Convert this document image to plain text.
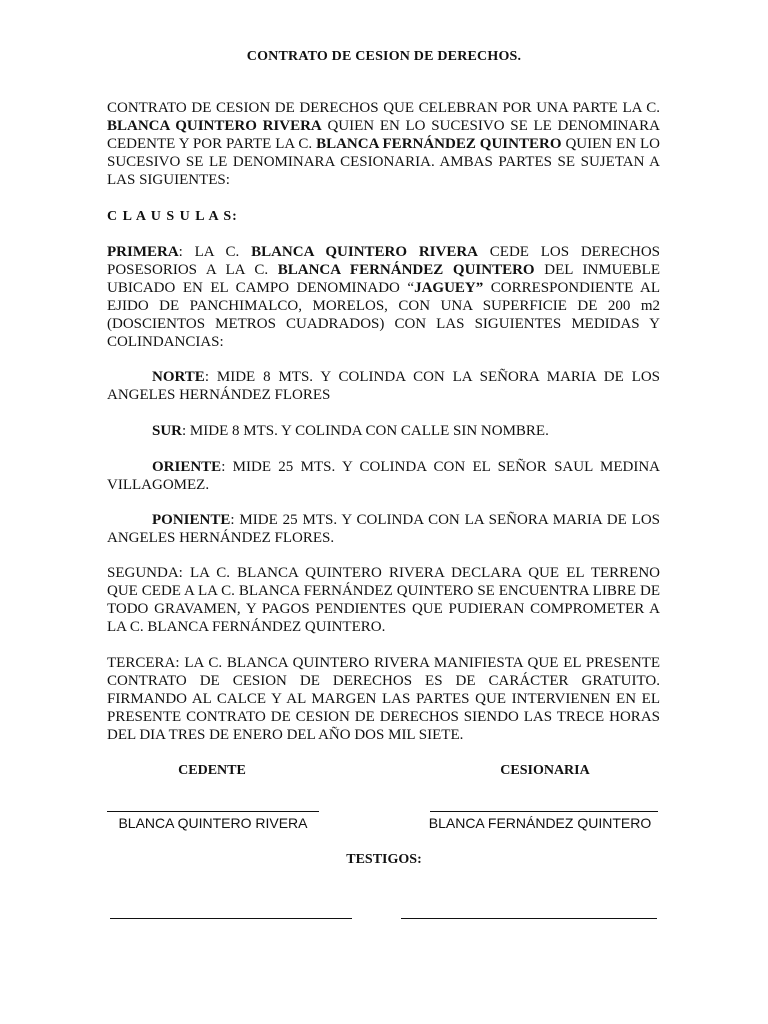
CONTRATO DE CESION DE DERECHOS.
CONTRATO DE CESION DE DERECHOS QUE CELEBRAN POR UNA PARTE LA C. BLANCA QUINTERO RIVERA QUIEN EN LO SUCESIVO SE LE DENOMINARA CEDENTE Y POR PARTE LA C. BLANCA FERNÁNDEZ QUINTERO QUIEN EN LO SUCESIVO SE LE DENOMINARA CESIONARIA. AMBAS PARTES SE SUJETAN A LAS SIGUIENTES:
C L A U S U L A S:
PRIMERA: LA C. BLANCA QUINTERO RIVERA CEDE LOS DERECHOS POSESORIOS A LA C. BLANCA FERNÁNDEZ QUINTERO DEL INMUEBLE UBICADO EN EL CAMPO DENOMINADO “JAGUEY” CORRESPONDIENTE AL EJIDO DE PANCHIMALCO, MORELOS, CON UNA SUPERFICIE DE 200 m2 (DOSCIENTOS METROS CUADRADOS) CON LAS SIGUIENTES MEDIDAS Y COLINDANCIAS:
NORTE: MIDE 8 MTS. Y COLINDA CON LA SEÑORA MARIA DE LOS ANGELES HERNÁNDEZ FLORES
SUR: MIDE 8 MTS. Y COLINDA CON CALLE SIN NOMBRE.
ORIENTE: MIDE 25 MTS. Y COLINDA CON EL SEÑOR SAUL MEDINA VILLAGOMEZ.
PONIENTE: MIDE 25 MTS. Y COLINDA CON LA SEÑORA MARIA DE LOS ANGELES HERNÁNDEZ FLORES.
SEGUNDA: LA C. BLANCA QUINTERO RIVERA DECLARA QUE EL TERRENO QUE CEDE A LA C. BLANCA FERNÁNDEZ QUINTERO SE ENCUENTRA LIBRE DE TODO GRAVAMEN, Y PAGOS PENDIENTES QUE PUDIERAN COMPROMETER A LA C. BLANCA FERNÁNDEZ QUINTERO.
TERCERA: LA C. BLANCA QUINTERO RIVERA MANIFIESTA QUE EL PRESENTE CONTRATO DE CESION DE DERECHOS ES DE CARÁCTER GRATUITO. FIRMANDO AL CALCE Y AL MARGEN LAS PARTES QUE INTERVIENEN EN EL PRESENTE CONTRATO DE CESION DE DERECHOS SIENDO LAS TRECE HORAS DEL DIA TRES DE ENERO DEL AÑO DOS MIL SIETE.
CEDENTE	CESIONARIA
BLANCA QUINTERO RIVERA	BLANCA FERNÁNDEZ QUINTERO
TESTIGOS:
